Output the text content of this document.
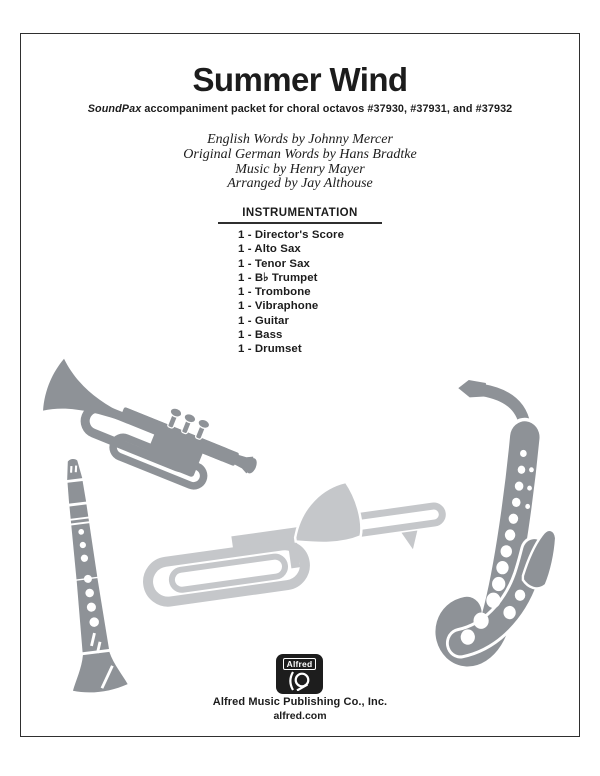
Summer Wind
SoundPax accompaniment packet for choral octavos #37930, #37931, and #37932
English Words by Johnny Mercer
Original German Words by Hans Bradtke
Music by Henry Mayer
Arranged by Jay Althouse
INSTRUMENTATION
1 - Director's Score
1 - Alto Sax
1 - Tenor Sax
1 - B♭ Trumpet
1 - Trombone
1 - Vibraphone
1 - Guitar
1 - Bass
1 - Drumset
Alfred
Alfred Music Publishing Co., Inc.
alfred.com
